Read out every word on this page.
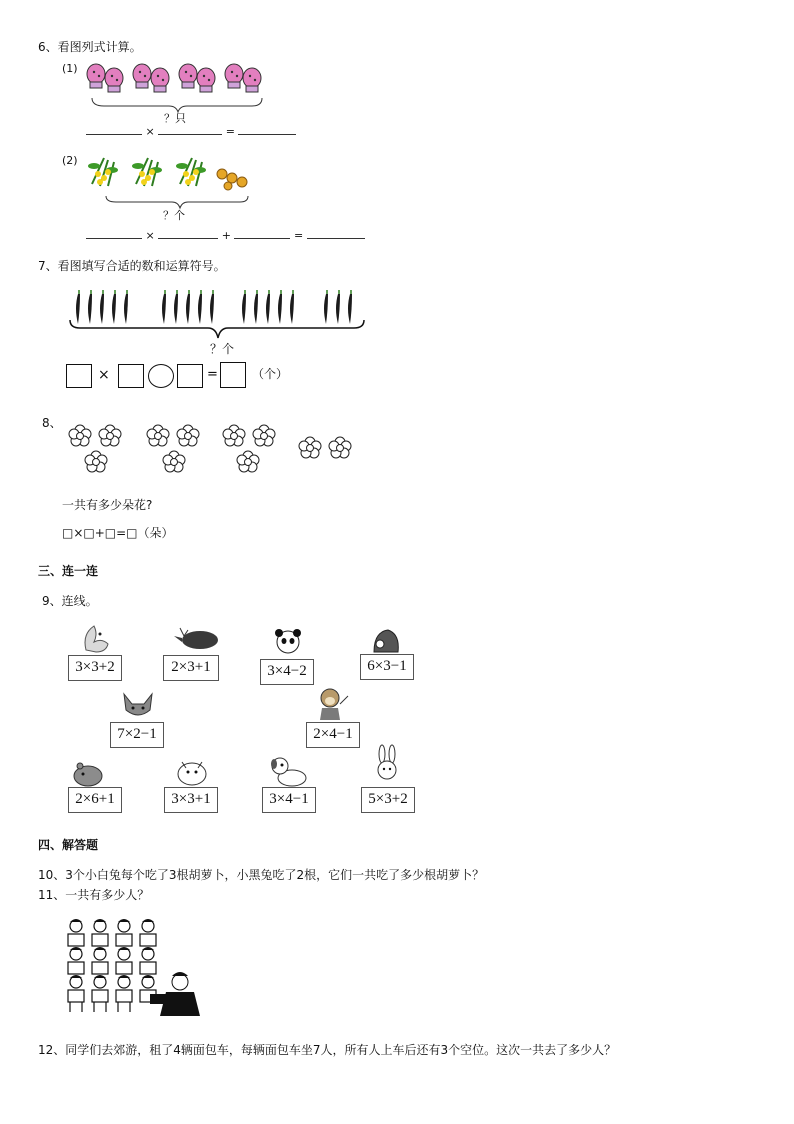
6、看图列式计算。
(1)
？只
×	=
(2)
？个
×	+	=
7、看图填写合适的数和运算符号。
？个
×	=	（个）
8、
一共有多少朵花?
□×□+□=□（朵）
三、连一连
9、连线。
3×3+2	2×3+1	3×4−2	6×3−1
7×2−1	2×4−1
2×6+1	3×3+1	3×4−1	5×3+2
四、解答题
10、3个小白兔每个吃了3根胡萝卜，小黑兔吃了2根，它们一共吃了多少根胡萝卜？
11、一共有多少人？
12、同学们去郊游，租了4辆面包车，每辆面包车坐7人，所有人上车后还有3个空位。这次一共去了多少人？
